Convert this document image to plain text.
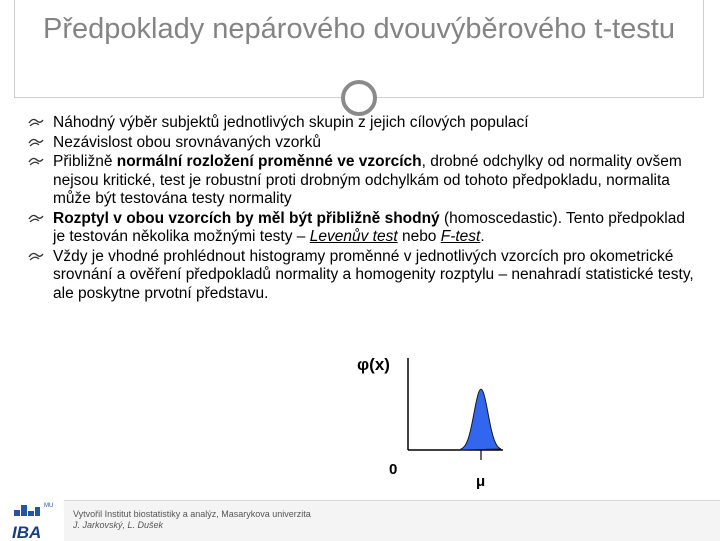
Předpoklady nepárového dvouvýběrového t-testu
Náhodný výběr subjektů jednotlivých skupin z jejich cílových populací
Nezávislost obou srovnávaných vzorků
Přibližně normální rozložení proměnné ve vzorcích, drobné odchylky od normality ovšem nejsou kritické, test je robustní proti drobným odchylkám od tohoto předpokladu, normalita může být testována testy normality
Rozptyl v obou vzorcích by měl být přibližně shodný (homoscedastic). Tento předpoklad je testován několika možnými testy – Levenův test nebo F-test.
Vždy je vhodné prohlédnout histogramy proměnné v jednotlivých vzorcích pro okometrické srovnání a ověření předpokladů normality a homogenity rozptylu – nenahradí statistické testy, ale poskytne prvotní představu.
φ(x)
0
μ
MU
IBA
Vytvořil Institut biostatistiky a analýz, Masarykova univerzita
J. Jarkovský, L. Dušek
